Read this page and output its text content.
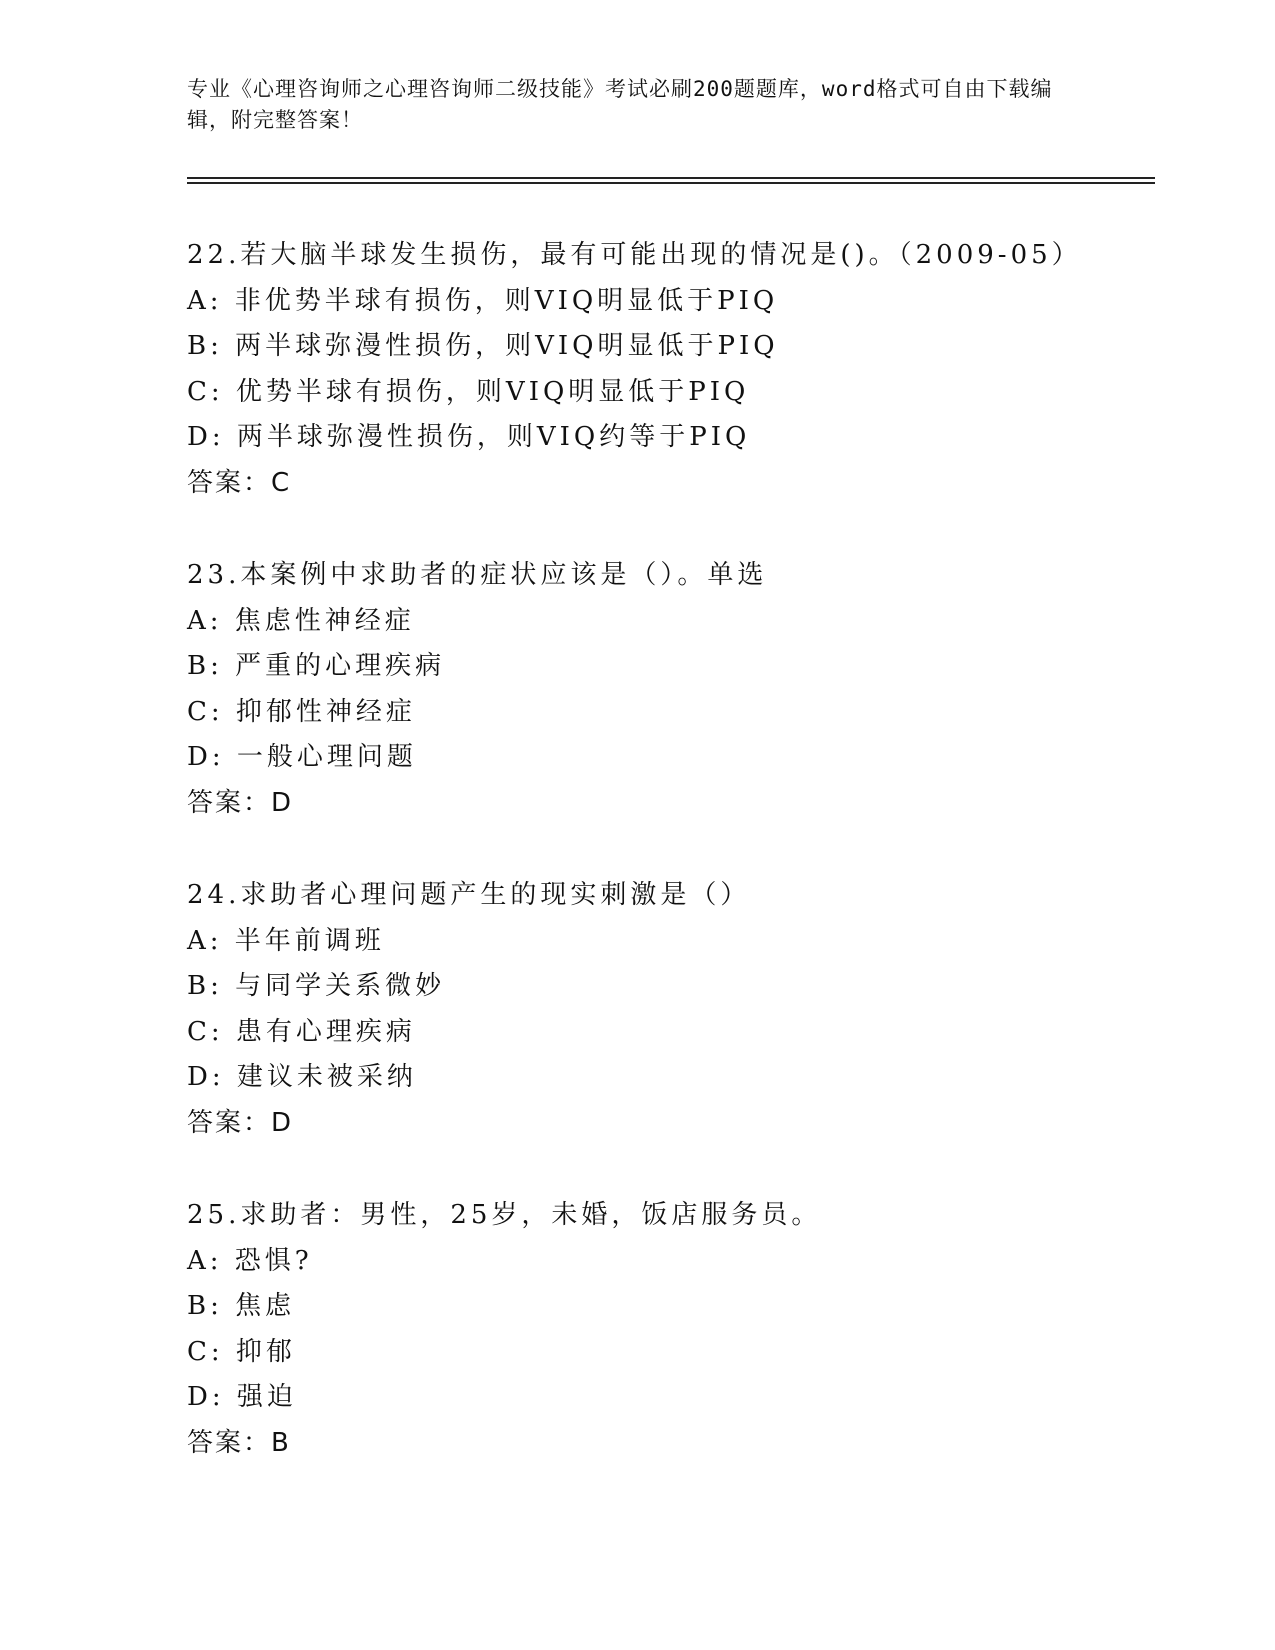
专业《心理咨询师之心理咨询师二级技能》考试必刷200题题库，word格式可自由下载编辑，附完整答案！
22.若大脑半球发生损伤，最有可能出现的情况是()。（2009-05）
A: 非优势半球有损伤，则VIQ明显低于PIQ
B: 两半球弥漫性损伤，则VIQ明显低于PIQ
C: 优势半球有损伤，则VIQ明显低于PIQ
D: 两半球弥漫性损伤，则VIQ约等于PIQ
答案：C
23.本案例中求助者的症状应该是（）。单选
A: 焦虑性神经症
B: 严重的心理疾病
C: 抑郁性神经症
D: 一般心理问题
答案：D
24.求助者心理问题产生的现实刺激是（）
A: 半年前调班
B: 与同学关系微妙
C: 患有心理疾病
D: 建议未被采纳
答案：D
25.求助者：男性，25岁，未婚，饭店服务员。
A: 恐惧?
B: 焦虑
C: 抑郁
D: 强迫
答案：B
